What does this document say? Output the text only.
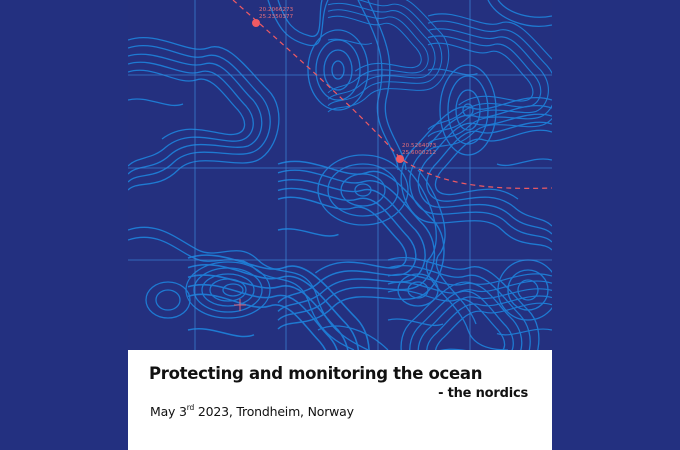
20.2066273
25.2350377
20.5264073
25.6000212
Protecting and monitoring the ocean
- the nordics
May 3rd 2023, Trondheim, Norway
